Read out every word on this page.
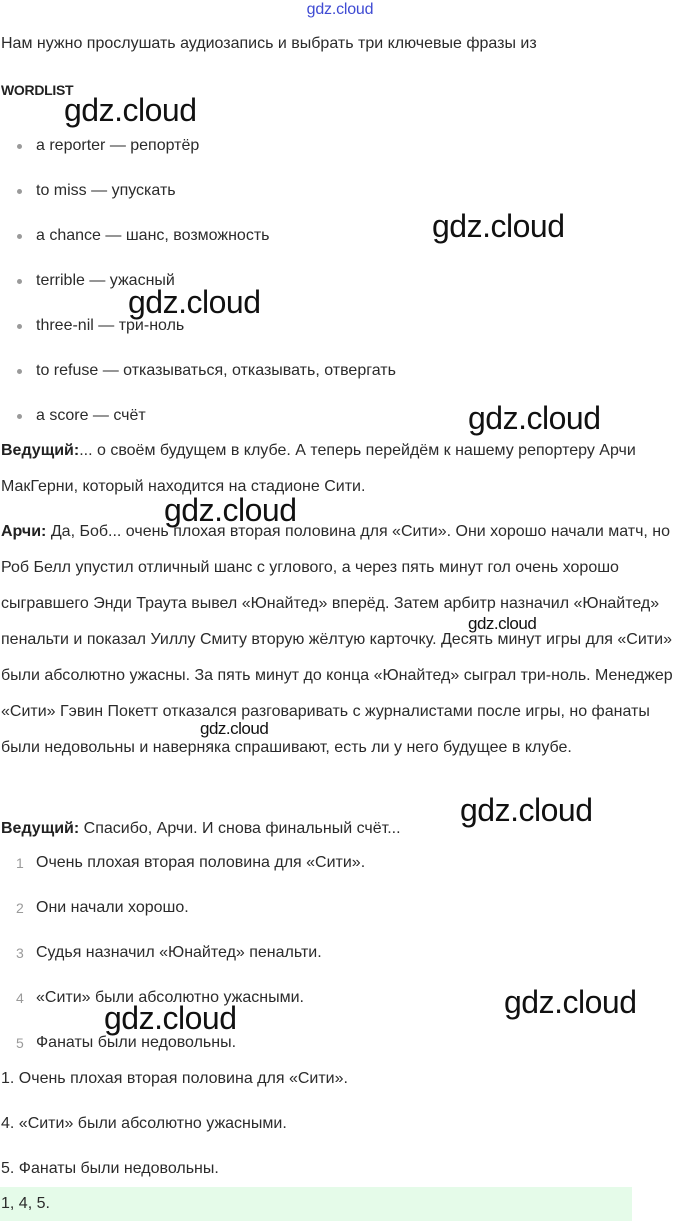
gdz.cloud
Нам нужно прослушать аудиозапись и выбрать три ключевые фразы из
WORDLIST
a reporter — репортёр
to miss — упускать
a chance — шанс, возможность
terrible — ужасный
three-nil — три-ноль
to refuse — отказываться, отказывать, отвергать
a score — счёт
Ведущий:... о своём будущем в клубе. А теперь перейдём к нашему репортеру Арчи МакГерни, который находится на стадионе Сити.
Арчи: Да, Боб... очень плохая вторая половина для «Сити». Они хорошо начали матч, но Роб Белл упустил отличный шанс с углового, а через пять минут гол очень хорошо сыгравшего Энди Траута вывел «Юнайтед» вперёд. Затем арбитр назначил «Юнайтед» пенальти и показал Уиллу Смиту вторую жёлтую карточку. Десять минут игры для «Сити» были абсолютно ужасны. За пять минут до конца «Юнайтед» сыграл три-ноль. Менеджер «Сити» Гэвин Покетт отказался разговаривать с журналистами после игры, но фанаты были недовольны и наверняка спрашивают, есть ли у него будущее в клубе.
Ведущий: Спасибо, Арчи. И снова финальный счёт...
1 Очень плохая вторая половина для «Сити».
2 Они начали хорошо.
3 Судья назначил «Юнайтед» пенальти.
4 «Сити» были абсолютно ужасными.
5 Фанаты были недовольны.
1. Очень плохая вторая половина для «Сити».
4. «Сити» были абсолютно ужасными.
5. Фанаты были недовольны.
1, 4, 5.
gdz.cloud
gdz.cloud
gdz.cloud
gdz.cloud
gdz.cloud
gdz.cloud
gdz.cloud
gdz.cloud
gdz.cloud
gdz.cloud
